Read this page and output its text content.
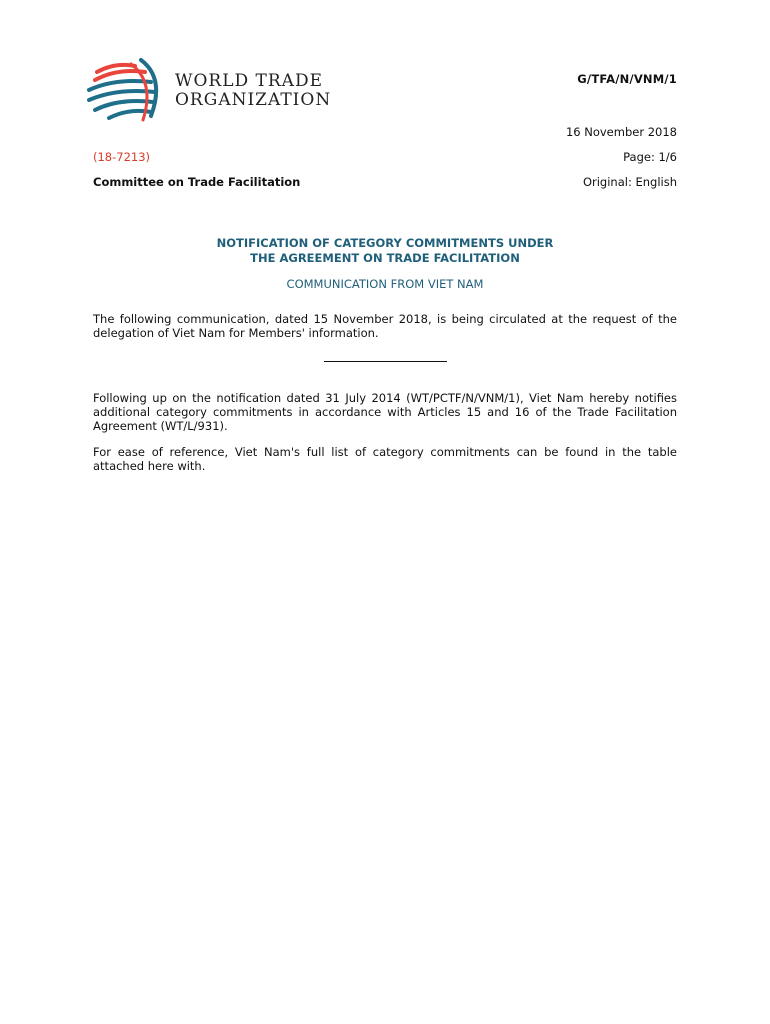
WORLD TRADE
ORGANIZATION
G/TFA/N/VNM/1
16 November 2018
(18-7213)	Page: 1/6
Committee on Trade Facilitation	Original: English
NOTIFICATION OF CATEGORY COMMITMENTS UNDER
THE AGREEMENT ON TRADE FACILITATION
COMMUNICATION FROM VIET NAM

The following communication, dated 15 November 2018, is being circulated at the request of the delegation of Viet Nam for Members' information.

Following up on the notification dated 31 July 2014 (WT/PCTF/N/VNM/1), Viet Nam hereby notifies additional category commitments in accordance with Articles 15 and 16 of the Trade Facilitation Agreement (WT/L/931).

For ease of reference, Viet Nam's full list of category commitments can be found in the table attached here with.
